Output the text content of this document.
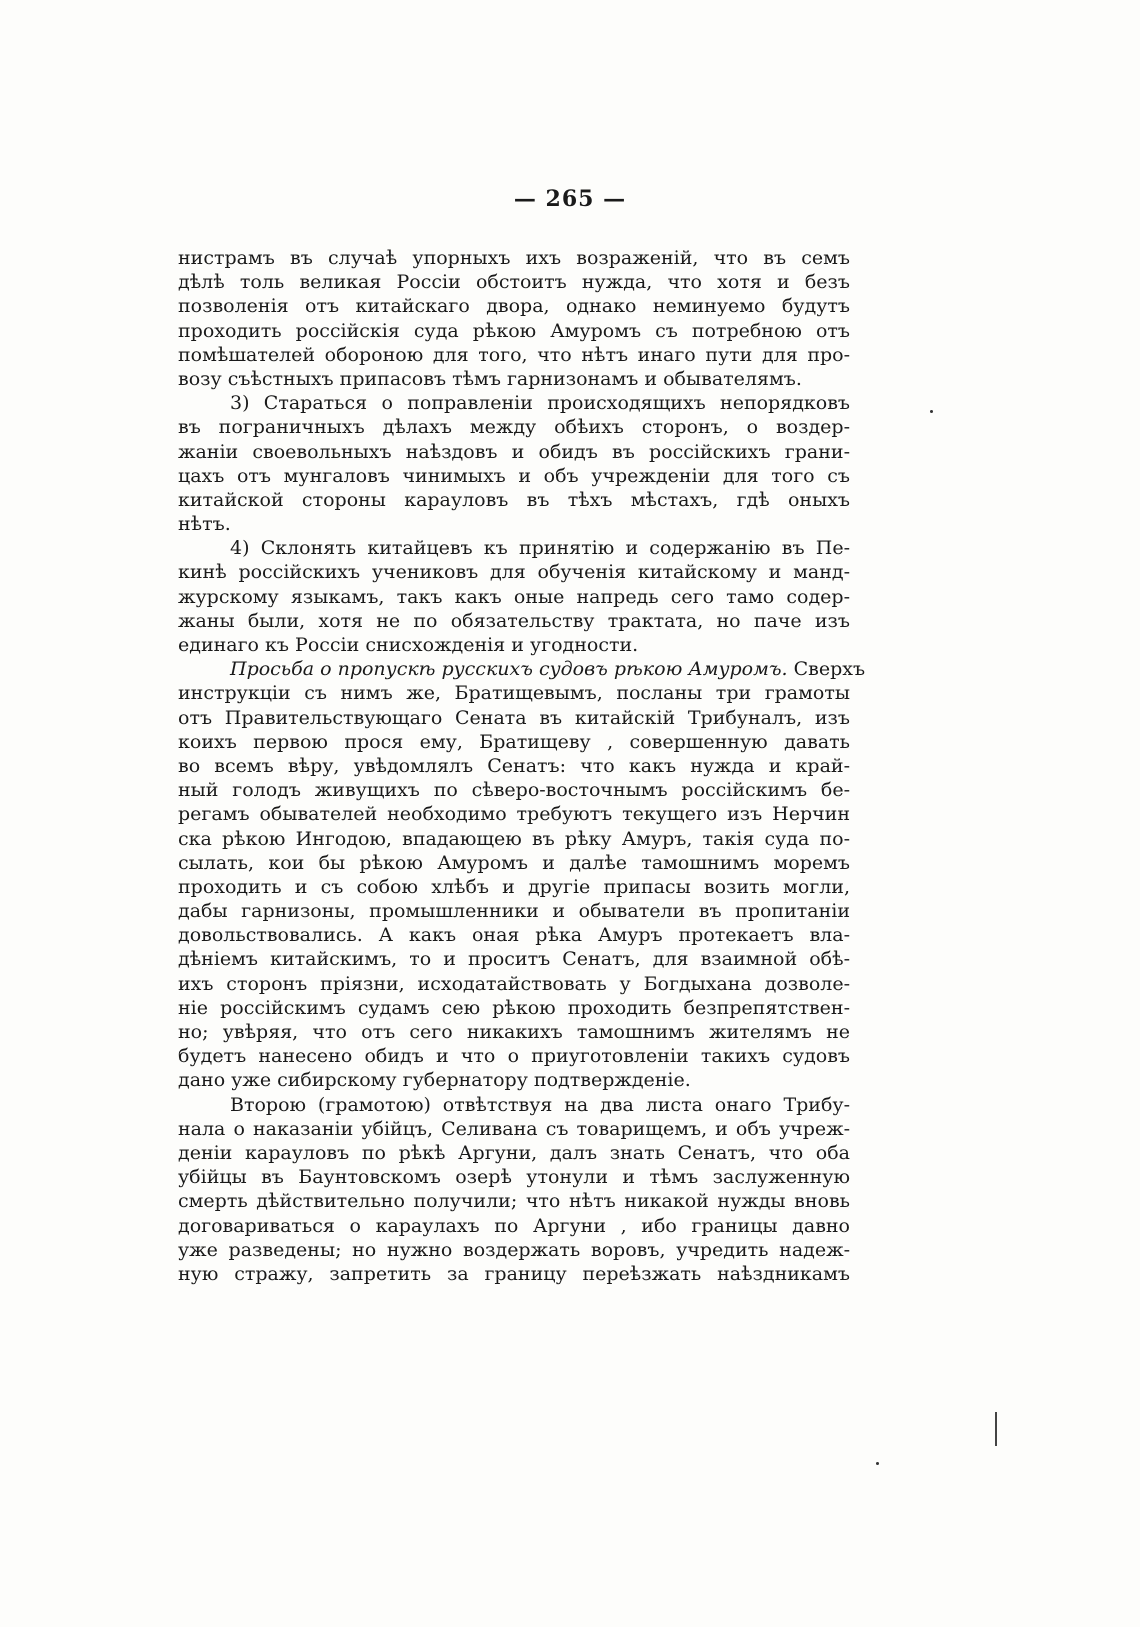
— 265 —
нистрамъ въ случаѣ упорныхъ ихъ возраженій, что въ семъ
дѣлѣ толь великая Россіи обстоитъ нужда, что хотя и безъ
позволенія отъ китайскаго двора, однако неминуемо будутъ
проходить россійскія суда рѣкою Амуромъ съ потребною отъ
помѣшателей обороною для того, что нѣтъ инаго пути для про-
возу съѣстныхъ припасовъ тѣмъ гарнизонамъ и обывателямъ.
3) Стараться о поправленіи происходящихъ непорядковъ
въ пограничныхъ дѣлахъ между обѣихъ сторонъ, о воздер-
жаніи своевольныхъ наѣздовъ и обидъ въ россійскихъ грани-
цахъ отъ мунгаловъ чинимыхъ и объ учрежденіи для того съ
китайской стороны карауловъ въ тѣхъ мѣстахъ, гдѣ оныхъ
нѣтъ.
4) Склонять китайцевъ къ принятію и содержанію въ Пе-
кинѣ россійскихъ учениковъ для обученія китайскому и манд-
журскому языкамъ, такъ какъ оные напредь сего тамо содер-
жаны были, хотя не по обязательству трактата, но паче изъ
единаго къ Россіи снисхожденія и угодности.
Просьба о пропускѣ русскихъ судовъ рѣкою Амуромъ. Сверхъ
инструкціи съ нимъ же, Братищевымъ, посланы три грамоты
отъ Правительствующаго Сената въ китайскій Трибуналъ, изъ
коихъ первою прося ему, Братищеву , совершенную давать
во всемъ вѣру, увѣдомлялъ Сенатъ: что какъ нужда и край-
ный голодъ живущихъ по сѣверо-восточнымъ россійскимъ бе-
регамъ обывателей необходимо требуютъ текущего изъ Нерчин
ска рѣкою Ингодою, впадающею въ рѣку Амуръ, такія суда по-
сылать, кои бы рѣкою Амуромъ и далѣе тамошнимъ моремъ
проходить и съ собою хлѣбъ и другіе припасы возить могли,
дабы гарнизоны, промышленники и обыватели въ пропитаніи
довольствовались. А какъ оная рѣка Амуръ протекаетъ вла-
дѣніемъ китайскимъ, то и проситъ Сенатъ, для взаимной обѣ-
ихъ сторонъ пріязни, исходатайствовать у Богдыхана дозволе-
ніе россійскимъ судамъ сею рѣкою проходить безпрепятствен-
но; увѣряя, что отъ сего никакихъ тамошнимъ жителямъ не
будетъ нанесено обидъ и что о приуготовленіи такихъ судовъ
дано уже сибирскому губернатору подтвержденіе.
Второю (грамотою) отвѣтствуя на два листа онаго Трибу-
нала о наказаніи убійцъ, Селивана съ товарищемъ, и объ учреж-
деніи карауловъ по рѣкѣ Аргуни, далъ знать Сенатъ, что оба
убійцы въ Баунтовскомъ озерѣ утонули и тѣмъ заслуженную
смерть дѣйствительно получили; что нѣтъ никакой нужды вновь
договариваться о караулахъ по Аргуни , ибо границы давно
уже разведены; но нужно воздержать воровъ, учредить надеж-
ную стражу, запретить за границу переѣзжать наѣздникамъ
